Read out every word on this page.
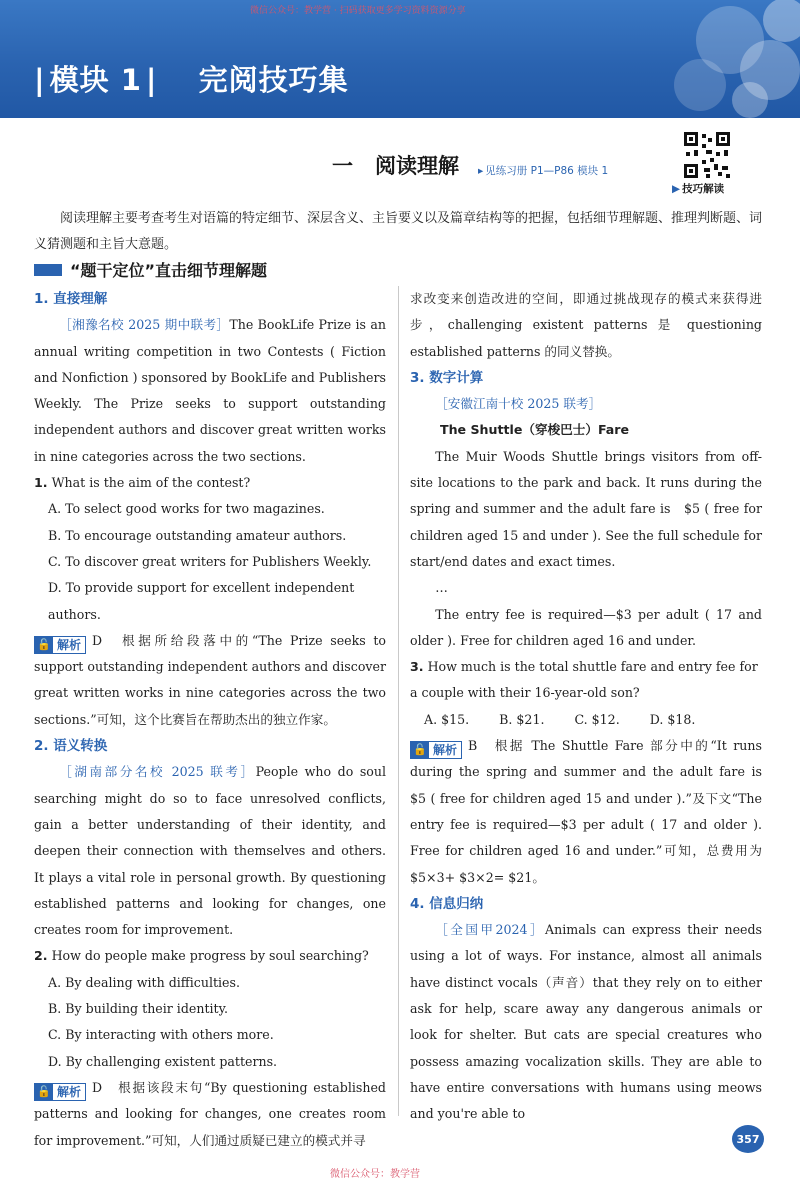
微信公众号：教学营 · 扫码获取更多学习资料资源分享
| 模块 1 | 完阅技巧集
一 阅读理解
▸	见练习册 P1—P86 模块 1
▶ 技巧解读
阅读理解主要考查考生对语篇的特定细节、深层含义、主旨要义以及篇章结构等的把握，包括细节理解题、推理判断题、词义猜测题和主旨大意题。
“题干定位”直击细节理解题
1. 直接理解
［湘豫名校 2025 期中联考］The BookLife Prize is an annual writing competition in two Contests ( Fiction and Nonfiction ) sponsored by BookLife and Publishers Weekly. The Prize seeks to support outstanding independent authors and discover great written works in nine categories across the two sections.
1. What is the aim of the contest?
A. To select good works for two magazines.
B. To encourage outstanding amateur authors.
C. To discover great writers for Publishers Weekly.
D. To provide support for excellent independent authors.
🔓 解析 D　根据所给段落中的“The Prize seeks to support outstanding independent authors and discover great written works in nine categories across the two sections.”可知，这个比赛旨在帮助杰出的独立作家。
2. 语义转换
［湖南部分名校 2025 联考］People who do soul searching might do so to face unresolved conflicts, gain a better understanding of their identity, and deepen their connection with themselves and others. It plays a vital role in personal growth. By questioning established patterns and looking for changes, one creates room for improvement.
2. How do people make progress by soul searching?
A. By dealing with difficulties.
B. By building their identity.
C. By interacting with others more.
D. By challenging existent patterns.
🔓 解析 D　根据该段末句“By questioning established patterns and looking for changes, one creates room for improvement.”可知，人们通过质疑已建立的模式并寻
求改变来创造改进的空间，即通过挑战现存的模式来获得进步，challenging existent patterns 是 questioning established patterns 的同义替换。
3. 数字计算
［安徽江南十校 2025 联考］
The Shuttle（穿梭巴士）Fare
The Muir Woods Shuttle brings visitors from off-site locations to the park and back. It runs during the spring and summer and the adult fare is　$5 ( free for children aged 15 and under ). See the full schedule for start/end dates and exact times.
…
The entry fee is required—$3 per adult ( 17 and older ). Free for children aged 16 and under.
3. How much is the total shuttle fare and entry fee for a couple with their 16-year-old son?
A. $15. B. $21. C. $12. D. $18.
🔓 解析 B　根据 The Shuttle Fare 部分中的“It runs during the spring and summer and the adult fare is　$5 ( free for children aged 15 and under ).”及下文“The entry fee is required—$3 per adult ( 17 and older ). Free for children aged 16 and under.”可知，总费用为 $5×3+ $3×2= $21。
4. 信息归纳
［全国甲2024］Animals can express their needs using a lot of ways. For instance, almost all animals have distinct vocals（声音）that they rely on to either ask for help, scare away any dangerous animals or look for shelter. But cats are special creatures who possess amazing vocalization skills. They are able to have entire conversations with humans using meows and you're able to
357
微信公众号：教学营
